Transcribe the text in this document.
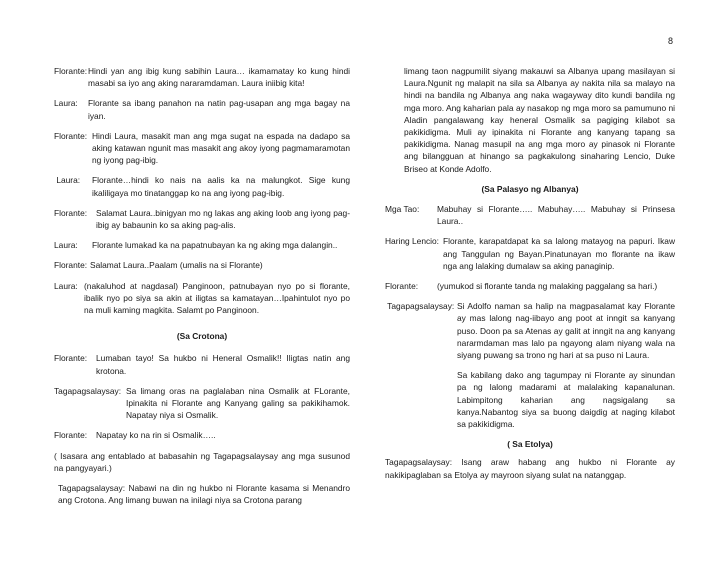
8
Florante: Hindi yan ang ibig kung sabihin Laura… ikamamatay ko kung hindi masabi sa iyo ang aking nararamdaman. Laura iniibig kita!
Laura:	Florante sa ibang panahon na natin pag-usapan ang mga bagay na iyan.
Florante: Hindi Laura, masakit man ang mga sugat na espada na dadapo sa aking katawan ngunit mas masakit ang akoy iyong pagmamaramotan ng iyong pag-ibig.
Laura:	Florante…hindi ko nais na aalis ka na malungkot. Sige kung ikaliligaya mo tinatanggap ko na ang iyong pag-ibig.
Florante:	Salamat Laura..binigyan mo ng lakas ang aking loob ang iyong pag-ibig ay babaunin ko sa aking pag-alis.
Laura:	Florante lumakad ka na papatnubayan ka ng aking mga dalangin..
Florante: Salamat Laura..Paalam (umalis na si Florante)
Laura: (nakaluhod at nagdasal) Panginoon, patnubayan nyo po si florante, ibalik nyo po siya sa akin at iligtas sa kamatayan…Ipahintulot nyo po na muli kaming magkita. Salamt po Panginoon.
(Sa Crotona)
Florante:	Lumaban tayo! Sa hukbo ni Heneral Osmalik!! Iligtas natin ang krotona.
Tagapagsalaysay: Sa limang oras na paglalaban nina Osmalik at FLorante, Ipinakita ni Florante ang Kanyang galing sa pakikihamok. Napatay niya si Osmalik.
Florante:	Napatay ko na rin si Osmalik…..
( Isasara ang entablado at babasahin ng Tagapagsalaysay ang mga susunod na pangyayari.)
Tagapagsalaysay: Nabawi na din ng hukbo ni Florante kasama si Menandro ang Crotona. Ang limang buwan na inilagi niya sa Crotona parang
limang taon nagpumilit siyang makauwi sa Albanya upang masilayan si Laura.Ngunit ng malapit na sila sa Albanya ay nakita nila sa malayo na hindi na bandila ng Albanya ang naka wagayway dito kundi bandila ng mga moro. Ang kaharian pala ay nasakop ng mga moro sa pamumuno ni Aladin pangalawang kay heneral Osmalik sa pagiging kilabot sa pakikidigma. Muli ay ipinakita ni Florante ang kanyang tapang sa pakikidigma. Nanag masupil na ang mga moro ay pinasok ni Florante ang bilangguan at hinango sa pagkakulong sinaharing Lencio, Duke Briseo at Konde Adolfo.
(Sa Palasyo ng Albanya)
Mga Tao:	Mabuhay si Florante….. Mabuhay….. Mabuhay si Prinsesa Laura..
Haring Lencio: Florante, karapatdapat ka sa lalong matayog na papuri. Ikaw ang Tanggulan ng Bayan.Pinatunayan mo florante na ikaw nga ang lalaking dumalaw sa aking panaginip.
Florante:	(yumukod si florante tanda ng malaking paggalang sa hari.)
Tagapagsalaysay: Si Adolfo naman sa halip na magpasalamat kay Florante ay mas lalong nag-iibayo ang poot at inngit sa kanyang puso. Doon pa sa Atenas ay galit at inngit na ang kanyang nararmdaman mas lalo pa ngayong alam niyang wala na siyang puwang sa trono ng hari at sa puso ni Laura.
Sa kabilang dako ang tagumpay ni Florante ay sinundan pa ng lalong madarami at malalaking kapanalunan. Labimpitong kaharian ang nagsigalang sa kanya.Nabantog siya sa buong daigdig at naging kilabot sa pakikidigma.
( Sa Etolya)
Tagapagsalaysay: Isang araw habang ang hukbo ni Florante ay nakikipaglaban sa Etolya ay mayroon siyang sulat na natanggap.
